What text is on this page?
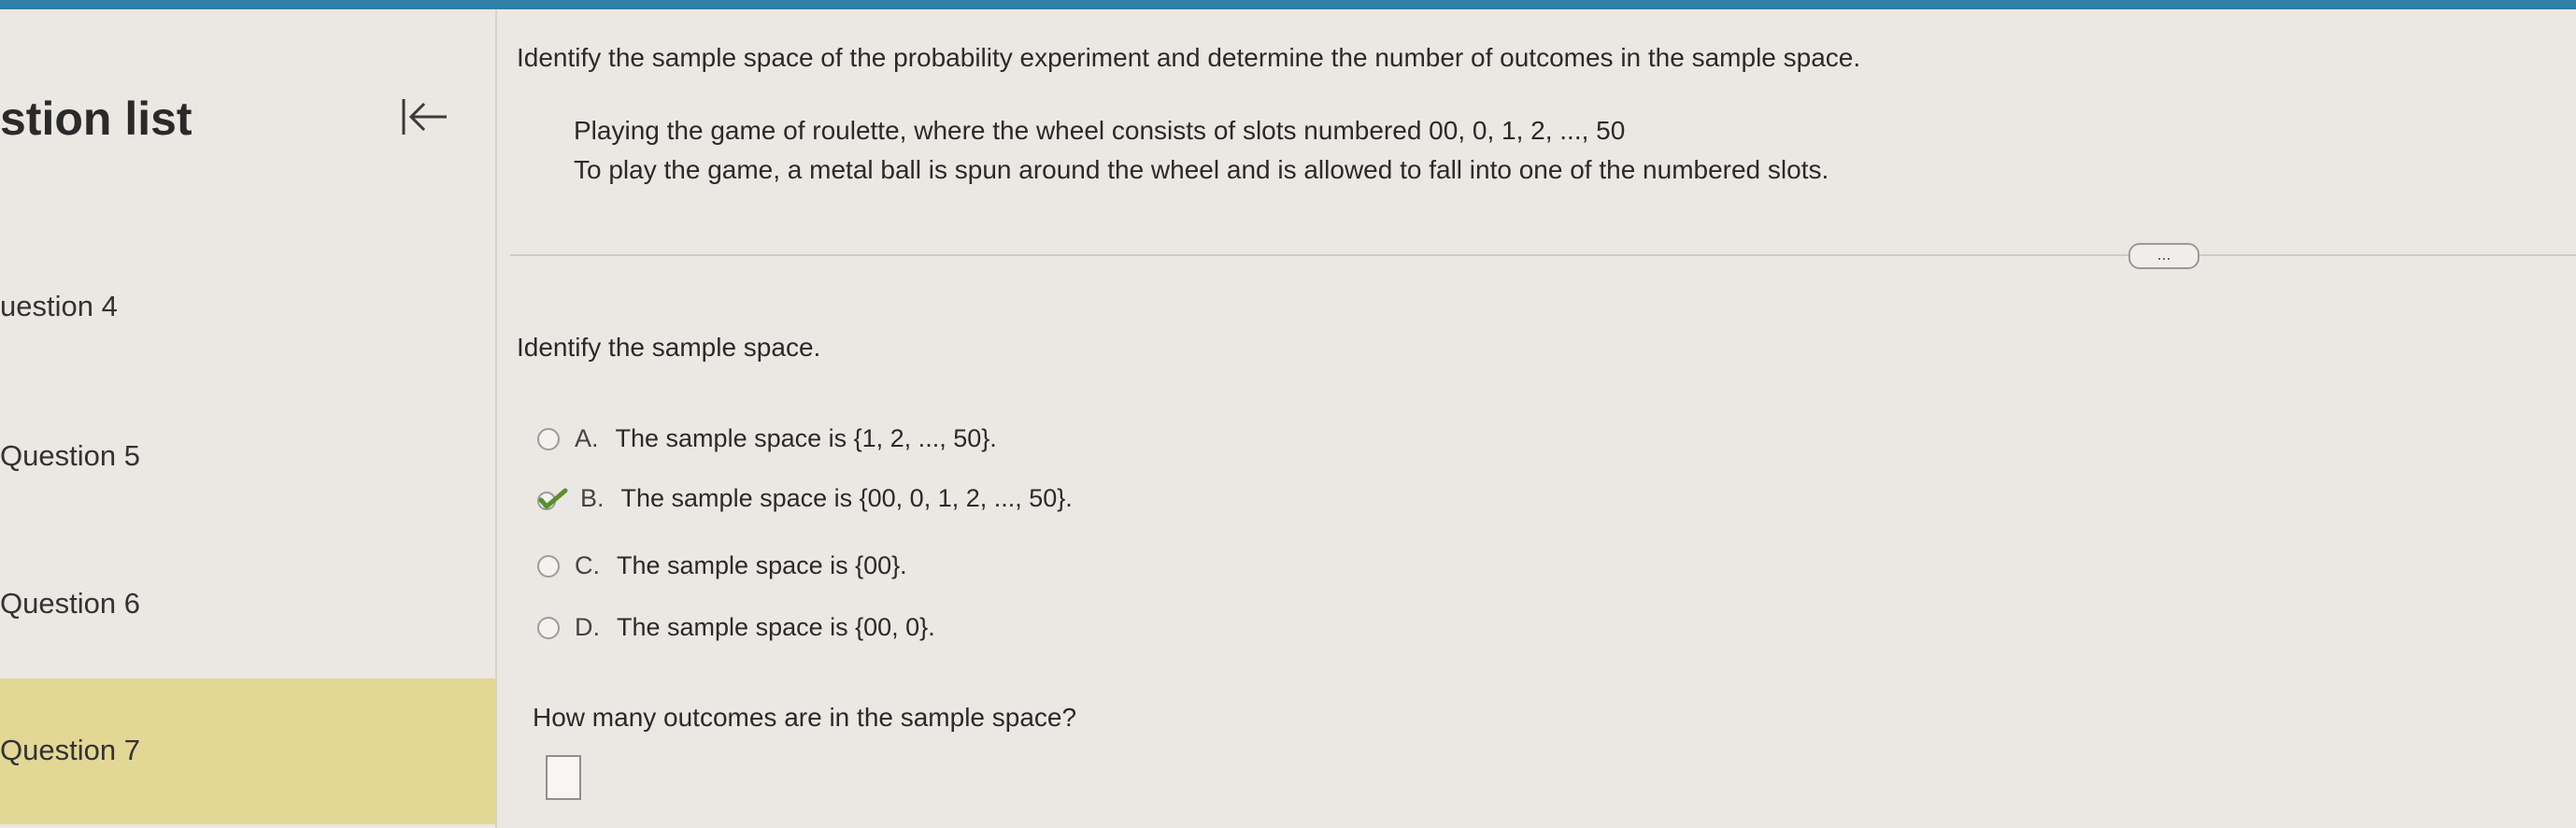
stion list
uestion 4
Question 5
Question 6
Question 7
Identify the sample space of the probability experiment and determine the number of outcomes in the sample space.
Playing the game of roulette, where the wheel consists of slots numbered 00, 0, 1, 2, ..., 50
To play the game, a metal ball is spun around the wheel and is allowed to fall into one of the numbered slots.
...
Identify the sample space.
A. The sample space is {1, 2, ..., 50}.
B. The sample space is {00, 0, 1, 2, ..., 50}.
C. The sample space is {00}.
D. The sample space is {00, 0}.
How many outcomes are in the sample space?
